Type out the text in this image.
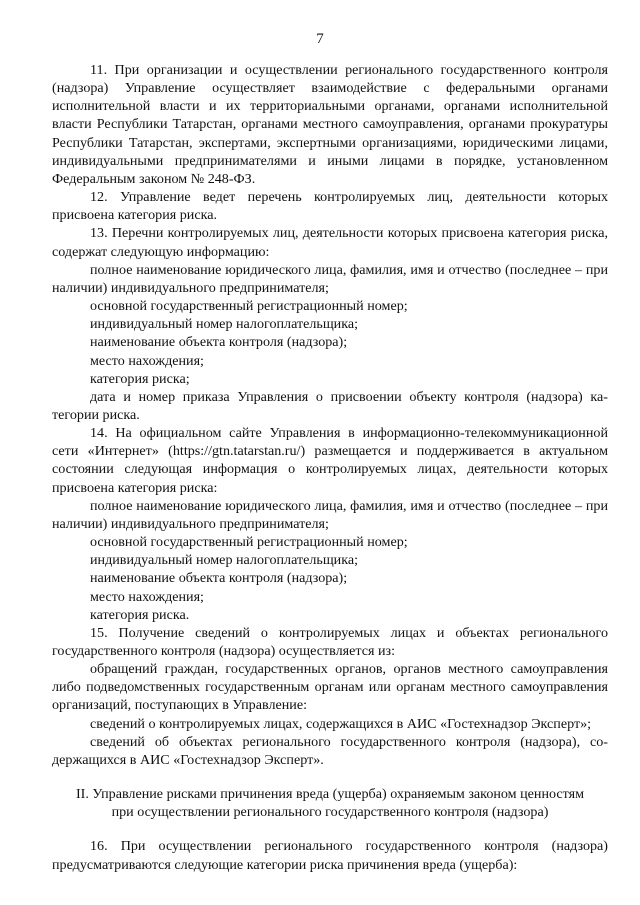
7

11. При организации и осуществлении регионального государственного контроля (надзора) Управление осуществляет взаимодействие с федеральными органами исполнительной власти и их территориальными органами, органами исполнительной власти Республики Татарстан, органами местного самоуправления, органами прокуратуры Республики Татарстан, экспертами, экспертными организациями, юридическими лицами, индивидуальными предпринимателями и иными лицами в порядке, установленном Федеральным законом № 248-ФЗ.

12. Управление ведет перечень контролируемых лиц, деятельности которых присвоена категория риска.

13. Перечни контролируемых лиц, деятельности которых присвоена категория риска, содержат следующую информацию:

полное наименование юридического лица, фамилия, имя и отчество (последнее – при наличии) индивидуального предпринимателя;

основной государственный регистрационный номер;

индивидуальный номер налогоплательщика;

наименование объекта контроля (надзора);

место нахождения;

категория риска;

дата и номер приказа Управления о присвоении объекту контроля (надзора) категории риска.

14. На официальном сайте Управления в информационно-телекоммуникационной сети «Интернет» (https://gtn.tatarstan.ru/) размещается и поддерживается в актуальном состоянии следующая информация о контролируемых лицах, деятельности которых присвоена категория риска:

полное наименование юридического лица, фамилия, имя и отчество (последнее – при наличии) индивидуального предпринимателя;

основной государственный регистрационный номер;

индивидуальный номер налогоплательщика;

наименование объекта контроля (надзора);

место нахождения;

категория риска.

15. Получение сведений о контролируемых лицах и объектах регионального государственного контроля (надзора) осуществляется из:

обращений граждан, государственных органов, органов местного самоуправления либо подведомственных государственным органам или органам местного самоуправления организаций, поступающих в Управление:

сведений о контролируемых лицах, содержащихся в АИС «Гостехнадзор Эксперт»;

сведений об объектах регионального государственного контроля (надзора), содержащихся в АИС «Гостехнадзор Эксперт».

II. Управление рисками причинения вреда (ущерба) охраняемым законом ценностям
при осуществлении регионального государственного контроля (надзора)

16. При осуществлении регионального государственного контроля (надзора) предусматриваются следующие категории риска причинения вреда (ущерба):
